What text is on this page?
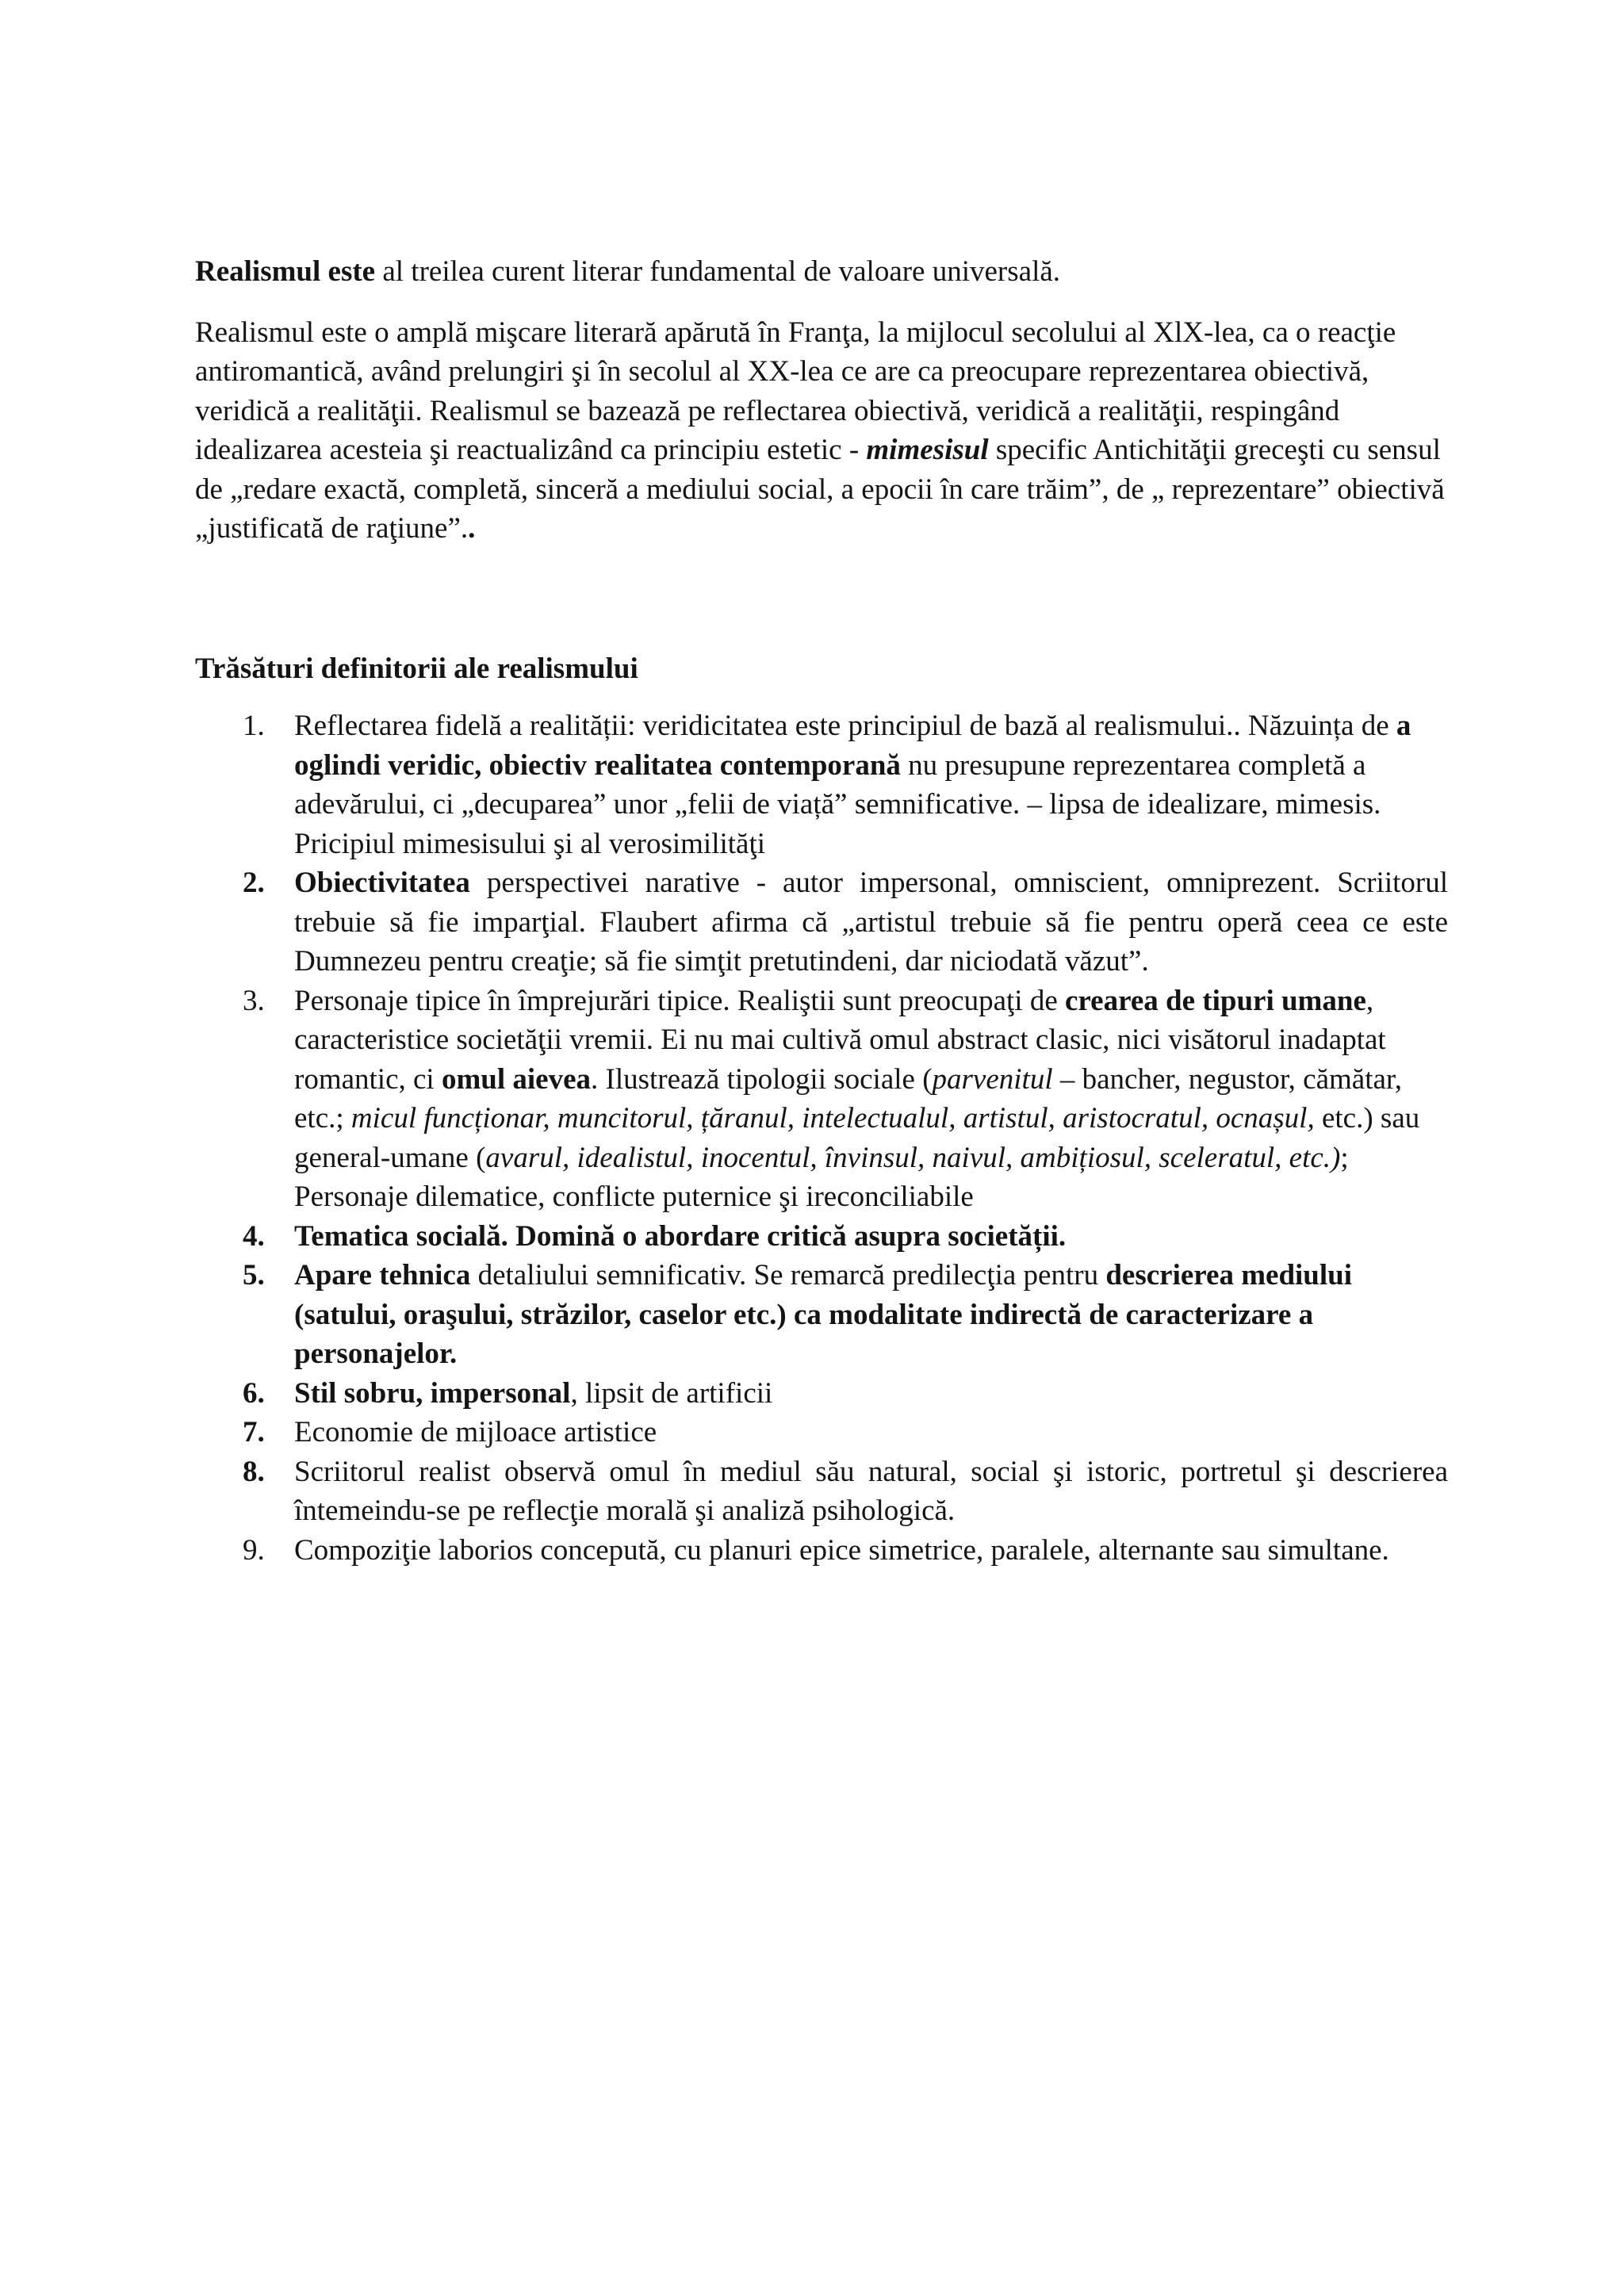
Realismul este al treilea curent literar fundamental de valoare universală.

Realismul este o amplă mişcare literară apărută în Franţa, la mijlocul secolului al XlX-lea, ca o reacţie antiromantică, având prelungiri şi în secolul al XX-lea ce are ca preocupare reprezentarea obiectivă, veridică a realităţii. Realismul se bazează pe reflectarea obiectivă, veridică a realităţii, respingând idealizarea acesteia şi reactualizând ca principiu estetic - mimesisul specific Antichităţii greceşti cu sensul de „redare exactă, completă, sinceră a mediului social, a epocii în care trăim”, de „ reprezentare” obiectivă „justificată de raţiune”..

Trăsături definitorii ale realismului
1.	Reflectarea fidelă a realității: veridicitatea este principiul de bază al realismului.. Năzuința de a oglindi veridic, obiectiv realitatea contemporană nu presupune reprezentarea completă a adevărului, ci „decuparea” unor „felii de viață” semnificative. – lipsa de idealizare, mimesis. Pricipiul mimesisului şi al verosimilităţi
2.	Obiectivitatea perspectivei narative - autor impersonal, omniscient, omniprezent. Scriitorul trebuie să fie imparţial. Flaubert afirma că „artistul trebuie să fie pentru operă ceea ce este Dumnezeu pentru creaţie; să fie simţit pretutindeni, dar niciodată văzut”.
3.	Personaje tipice în împrejurări tipice. Realiştii sunt preocupaţi de crearea de tipuri umane, caracteristice societăţii vremii. Ei nu mai cultivă omul abstract clasic, nici visătorul inadaptat romantic, ci omul aievea. Ilustrează tipologii sociale (parvenitul – bancher, negustor, cămătar, etc.; micul funcționar, muncitorul, țăranul, intelectualul, artistul, aristocratul, ocnașul, etc.) sau general-umane (avarul, idealistul, inocentul, învinsul, naivul, ambițiosul, sceleratul, etc.); Personaje dilematice, conflicte puternice şi ireconciliabile
4.	Tematica socială. Domină o abordare critică asupra societății.
5.	Apare tehnica detaliului semnificativ. Se remarcă predilecţia pentru descrierea mediului (satului, oraşului, străzilor, caselor etc.) ca modalitate indirectă de caracterizare a personajelor.
6.	Stil sobru, impersonal, lipsit de artificii
7.	Economie de mijloace artistice
8.	Scriitorul realist observă omul în mediul său natural, social şi istoric, portretul şi descrierea întemeindu-se pe reflecţie morală şi analiză psihologică.
9.	Compoziţie laborios concepută, cu planuri epice simetrice, paralele, alternante sau simultane.
